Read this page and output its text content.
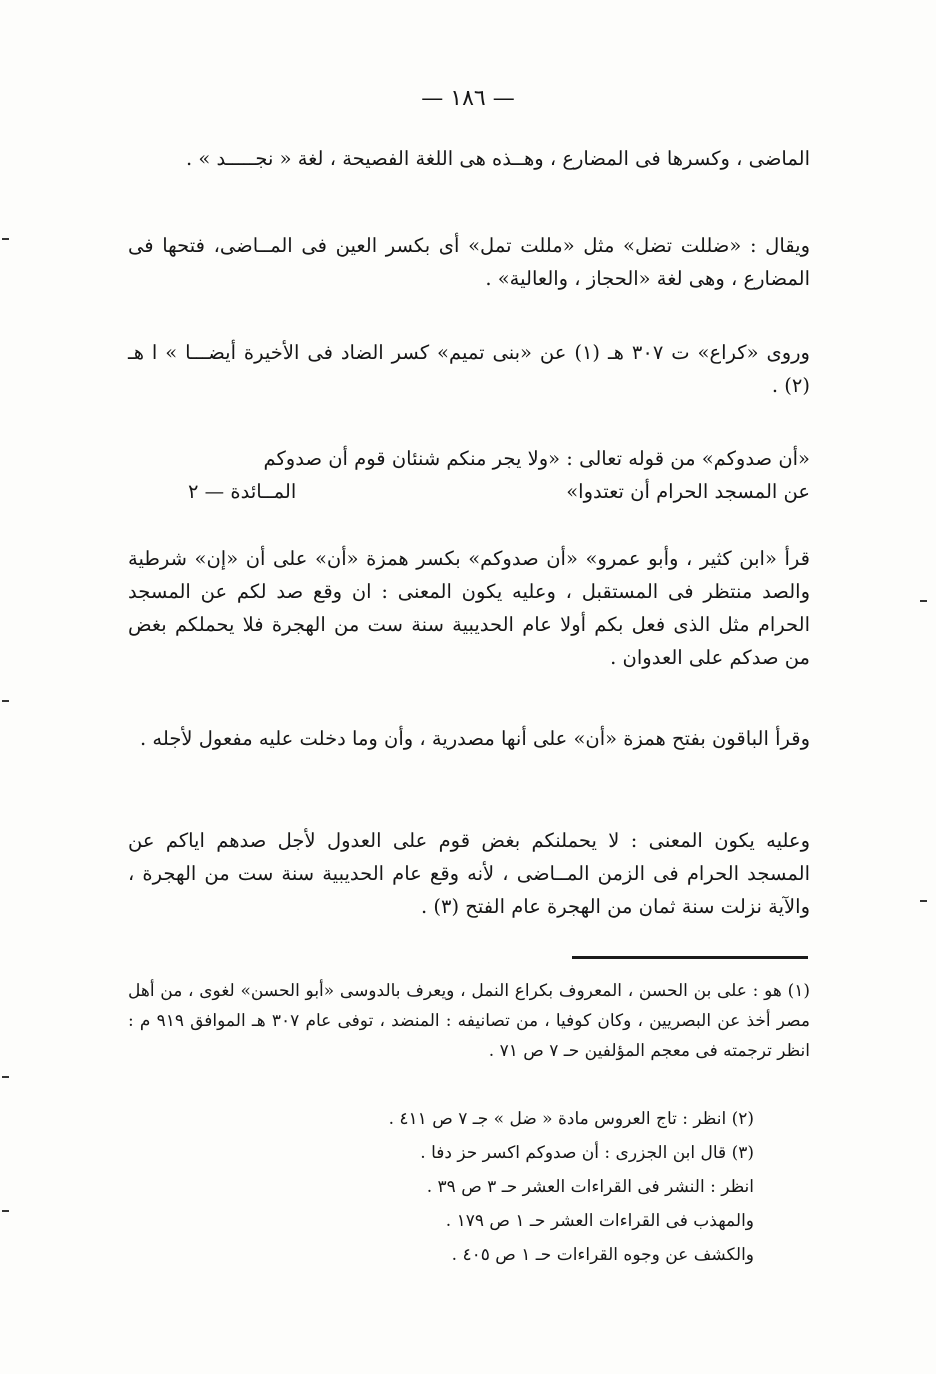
— ١٨٦ —

الماضى ، وكسرها فى المضارع ، وهــذه هى اللغة الفصيحة ، لغة « نجـــــد » .

ويقال : «ضللت تضل» مثل «مللت تمل» أى بكسر العين فى المــاضى، فتحها فى المضارع ، وهى لغة «الحجاز ، والعالية» .

وروى «كراع» ت ٣٠٧ هـ (١) عن «بنى تميم» كسر الضاد فى الأخيرة أيضـــا » ا هـ (٢) .

«أن صدوكم» من قوله تعالى : «ولا يجر منكم شنئان قوم أن صدوكم

عن المسجد الحرام أن تعتدوا»
المــائدة — ٢

قرأ «ابن كثير ، وأبو عمرو» «أن صدوكم» بكسر همزة «أن» على أن «إن» شرطية والصد منتظر فى المستقبل ، وعليه يكون المعنى : ان وقع صد لكم عن المسجد الحرام مثل الذى فعل بكم أولا عام الحديبية سنة ست من الهجرة فلا يحملكم بغض من صدكم على العدوان .

وقرأ الباقون بفتح همزة «أن» على أنها مصدرية ، وأن وما دخلت عليه مفعول لأجله .

وعليه يكون المعنى : لا يحملنكم بغض قوم على العدول لأجل صدهم اياكم عن المسجد الحرام فى الزمن المــاضى ، لأنه وقع عام الحديبية سنة ست من الهجرة ، والآية نزلت سنة ثمان من الهجرة عام الفتح (٣) .

(١) هو : على بن الحسن ، المعروف بكراع النمل ، ويعرف بالدوسى «أبو الحسن» لغوى ، من أهل مصر أخذ عن البصريين ، وكان كوفيا ، من تصانيفه : المنضد ، توفى عام ٣٠٧ هـ الموافق ٩١٩ م : انظر ترجمته فى معجم المؤلفين حـ ٧ ص ٧١ .

(٢) انظر : تاج العروس مادة « ضل » جـ ٧ ص ٤١١ .
(٣) قال ابن الجزرى : أن صدوكم اكسر حز دفا .
انظر : النشر فى القراءات العشر حـ ٣ ص ٣٩ .
والمهذب فى القراءات العشر حـ ١ ص ١٧٩ .
والكشف عن وجوه القراءات حـ ١ ص ٤٠٥ .
